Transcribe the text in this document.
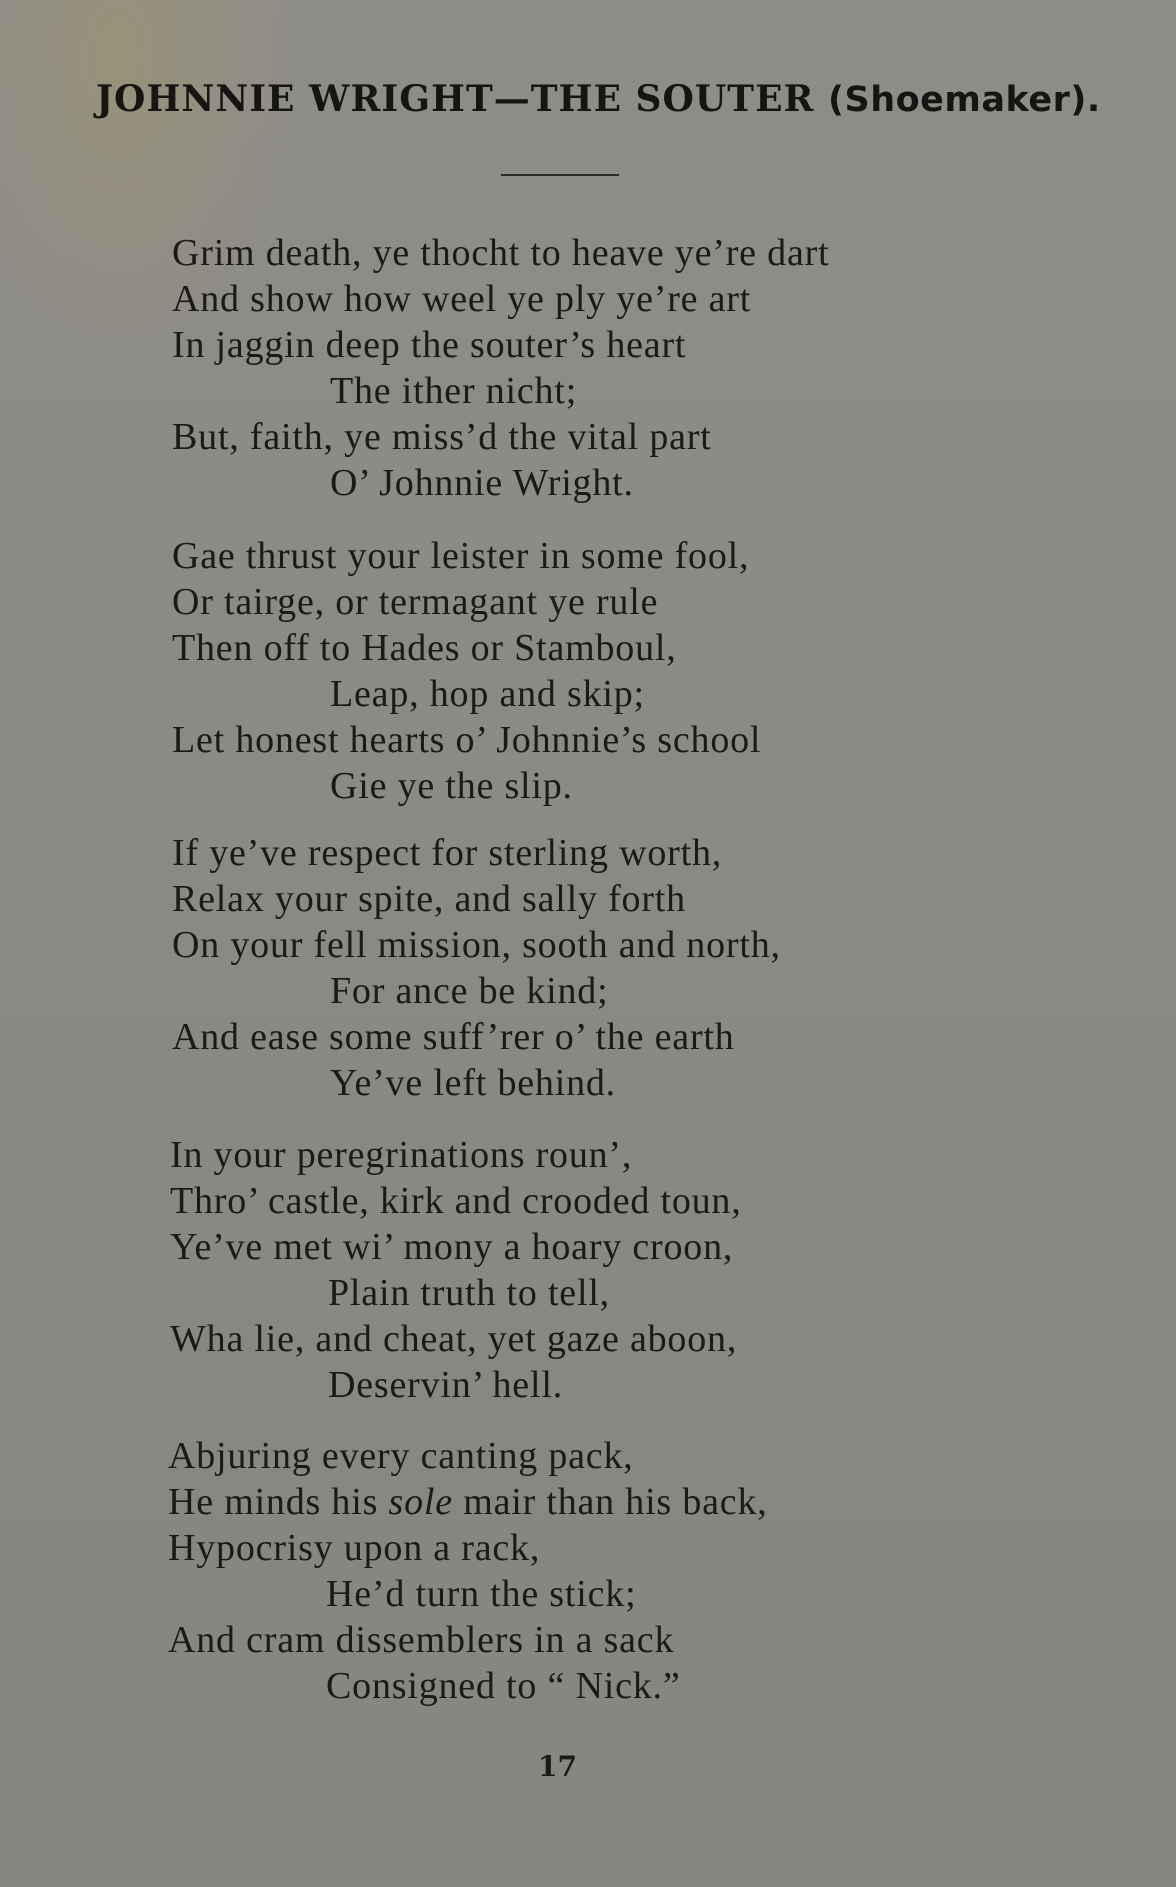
JOHNNIE WRIGHT—THE SOUTER (Shoemaker).
Grim death, ye thocht to heave ye’re dart
And show how weel ye ply ye’re art
In jaggin deep the souter’s heart
The ither nicht;
But, faith, ye miss’d the vital part
O’ Johnnie Wright.
Gae thrust your leister in some fool,
Or tairge, or termagant ye rule
Then off to Hades or Stamboul,
Leap, hop and skip;
Let honest hearts o’ Johnnie’s school
Gie ye the slip.
If ye’ve respect for sterling worth,
Relax your spite, and sally forth
On your fell mission, sooth and north,
For ance be kind;
And ease some suff’rer o’ the earth
Ye’ve left behind.
In your peregrinations roun’,
Thro’ castle, kirk and crooded toun,
Ye’ve met wi’ mony a hoary croon,
Plain truth to tell,
Wha lie, and cheat, yet gaze aboon,
Deservin’ hell.
Abjuring every canting pack,
He minds his sole mair than his back,
Hypocrisy upon a rack,
He’d turn the stick;
And cram dissemblers in a sack
Consigned to “ Nick.”
17
